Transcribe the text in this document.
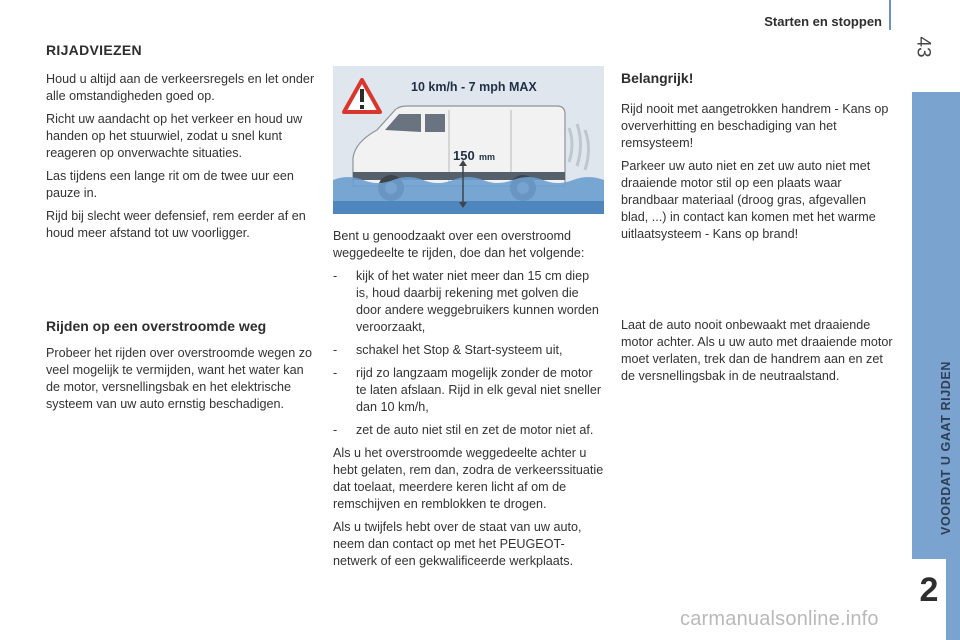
Starten en stoppen
43
VOORDAT U GAAT RIJDEN
2
RIJADVIEZEN

Houd u altijd aan de verkeersregels en let onder alle omstandigheden goed op.

Richt uw aandacht op het verkeer en houd uw handen op het stuurwiel, zodat u snel kunt reageren op onverwachte situaties.

Las tijdens een lange rit om de twee uur een pauze in.

Rijd bij slecht weer defensief, rem eerder af en houd meer afstand tot uw voorligger.

Rijden op een overstroomde weg
Probeer het rijden over overstroomde wegen zo veel mogelijk te vermijden, want het water kan de motor, versnellingsbak en het elektrische systeem van uw auto ernstig beschadigen.
10 km/h - 7 mph MAX
150 mm

Bent u genoodzaakt over een overstroomd weggedeelte te rijden, doe dan het volgende:

- kijk of het water niet meer dan 15 cm diep is, houd daarbij rekening met golven die door andere weggebruikers kunnen worden veroorzaakt,
- schakel het Stop & Start-systeem uit,
- rijd zo langzaam mogelijk zonder de motor te laten afslaan. Rijd in elk geval niet sneller dan 10 km/h,
- zet de auto niet stil en zet de motor niet af.

Als u het overstroomde weggedeelte achter u hebt gelaten, rem dan, zodra de verkeerssituatie dat toelaat, meerdere keren licht af om de remschijven en remblokken te drogen.

Als u twijfels hebt over de staat van uw auto, neem dan contact op met het PEUGEOT-netwerk of een gekwalificeerde werkplaats.

Belangrijk!

Rijd nooit met aangetrokken handrem - Kans op oververhitting en beschadiging van het remsysteem!

Parkeer uw auto niet en zet uw auto niet met draaiende motor stil op een plaats waar brandbaar materiaal (droog gras, afgevallen blad, ...) in contact kan komen met het warme uitlaatsysteem - Kans op brand!

Laat de auto nooit onbewaakt met draaiende motor achter. Als u uw auto met draaiende motor moet verlaten, trek dan de handrem aan en zet de versnellingsbak in de neutraalstand.

carmanualsonline.info
